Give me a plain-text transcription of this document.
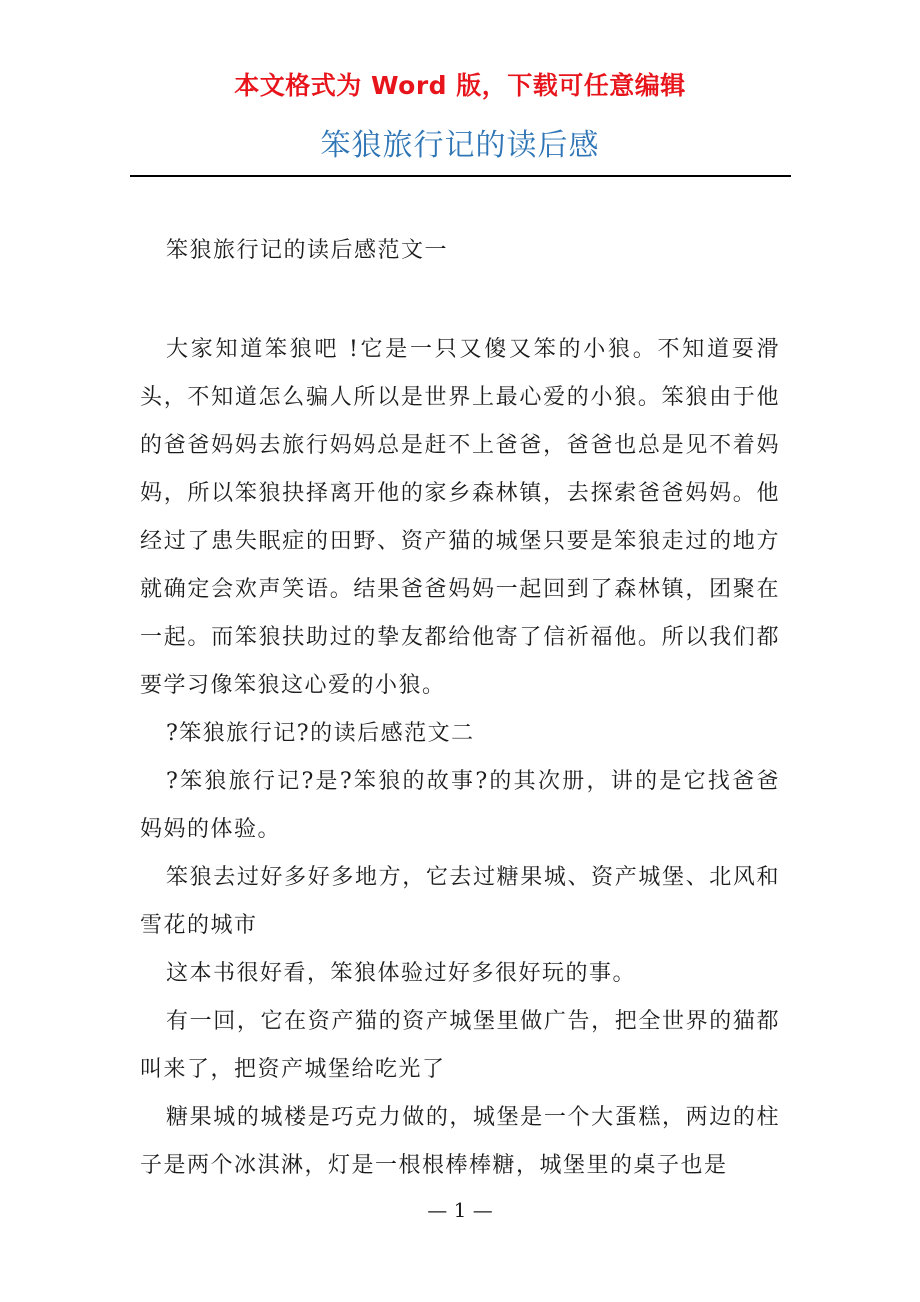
本文格式为 Word 版，下载可任意编辑
笨狼旅行记的读后感

笨狼旅行记的读后感范文一

大家知道笨狼吧 !它是一只又傻又笨的小狼。不知道耍滑头，不知道怎么骗人所以是世界上最心爱的小狼。笨狼由于他的爸爸妈妈去旅行妈妈总是赶不上爸爸，爸爸也总是见不着妈妈，所以笨狼抉择离开他的家乡森林镇，去探索爸爸妈妈。他经过了患失眠症的田野、资产猫的城堡只要是笨狼走过的地方就确定会欢声笑语。结果爸爸妈妈一起回到了森林镇，团聚在一起。而笨狼扶助过的挚友都给他寄了信祈福他。所以我们都要学习像笨狼这心爱的小狼。

?笨狼旅行记?的读后感范文二

?笨狼旅行记?是?笨狼的故事?的其次册，讲的是它找爸爸妈妈的体验。

笨狼去过好多好多地方，它去过糖果城、资产城堡、北风和雪花的城市

这本书很好看，笨狼体验过好多很好玩的事。

有一回，它在资产猫的资产城堡里做广告，把全世界的猫都叫来了，把资产城堡给吃光了

糖果城的城楼是巧克力做的，城堡是一个大蛋糕，两边的柱子是两个冰淇淋，灯是一根根棒棒糖，城堡里的桌子也是

— 1 —
